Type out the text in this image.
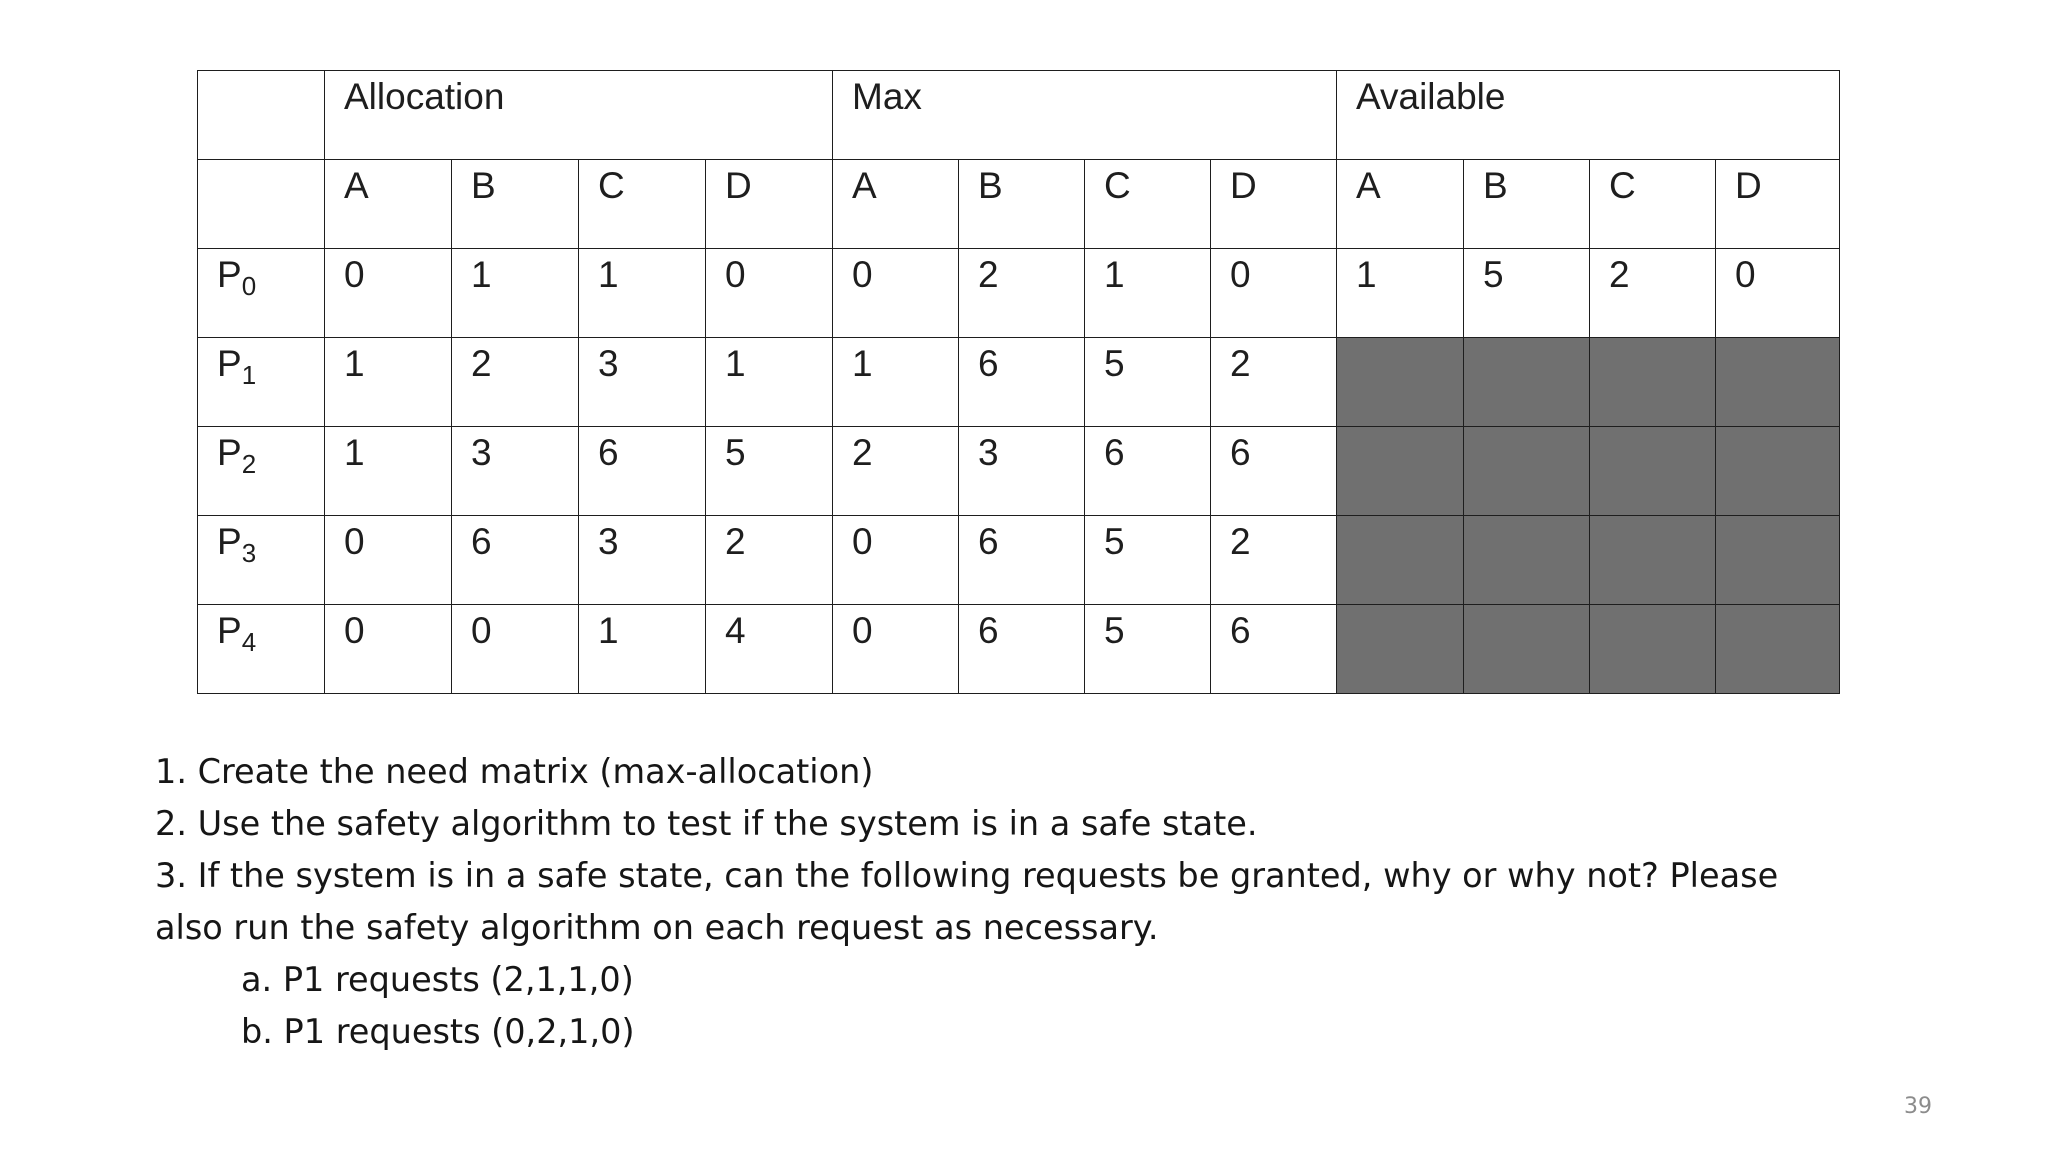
	Allocation				Max				Available			
	A	B	C	D	A	B	C	D	A	B	C	D
$P_0$	0	1	1	0	0	2	1	0	1	5	2	0
$P_1$	1	2	3	1	1	6	5	2				
$P_2$	1	3	6	5	2	3	6	6				
$P_3$	0	6	3	2	0	6	5	2				
$P_4$	0	0	1	4	0	6	5	6				
1. Create the need matrix (max-allocation)
2. Use the safety algorithm to test if the system is in a safe state.
3. If the system is in a safe state, can the following requests be granted, why or why not? Please
also run the safety algorithm on each request as necessary.
a. P1 requests (2,1,1,0)
b. P1 requests (0,2,1,0)
39
